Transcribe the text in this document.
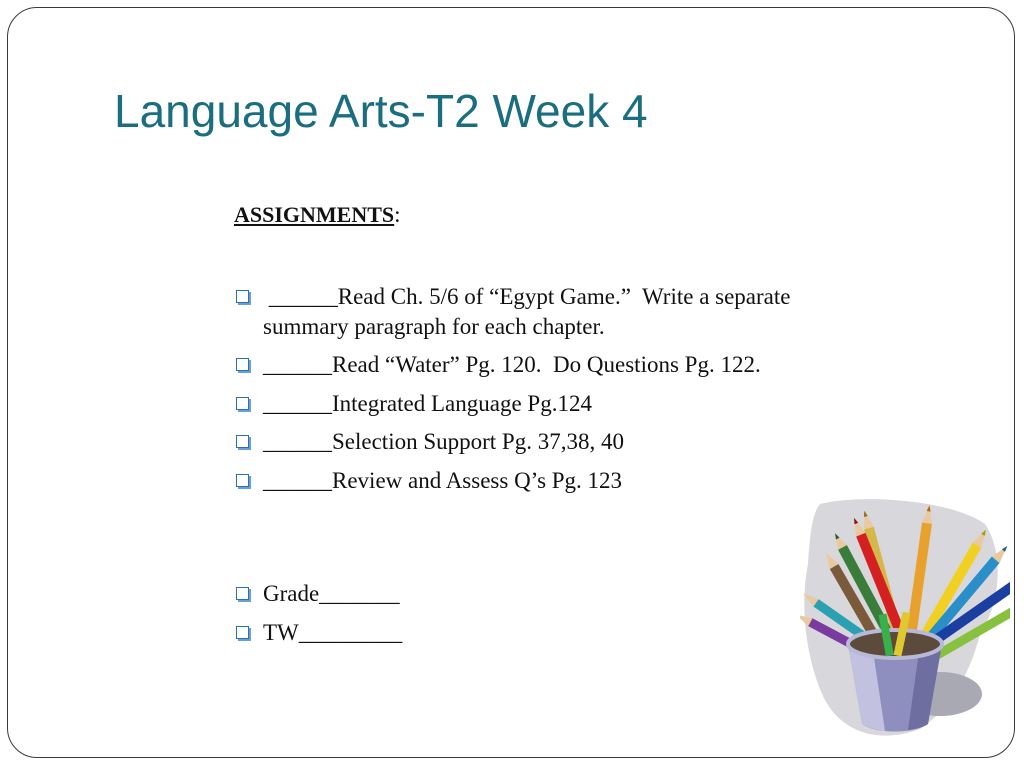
Language Arts-T2 Week 4
ASSIGNMENTS:
______Read Ch. 5/6 of “Egypt Game.”  Write a separate
summary paragraph for each chapter.
______Read “Water” Pg. 120.  Do Questions Pg. 122.
______Integrated Language Pg.124
______Selection Support Pg. 37,38, 40
______Review and Assess Q’s Pg. 123
Grade_______
TW_________
